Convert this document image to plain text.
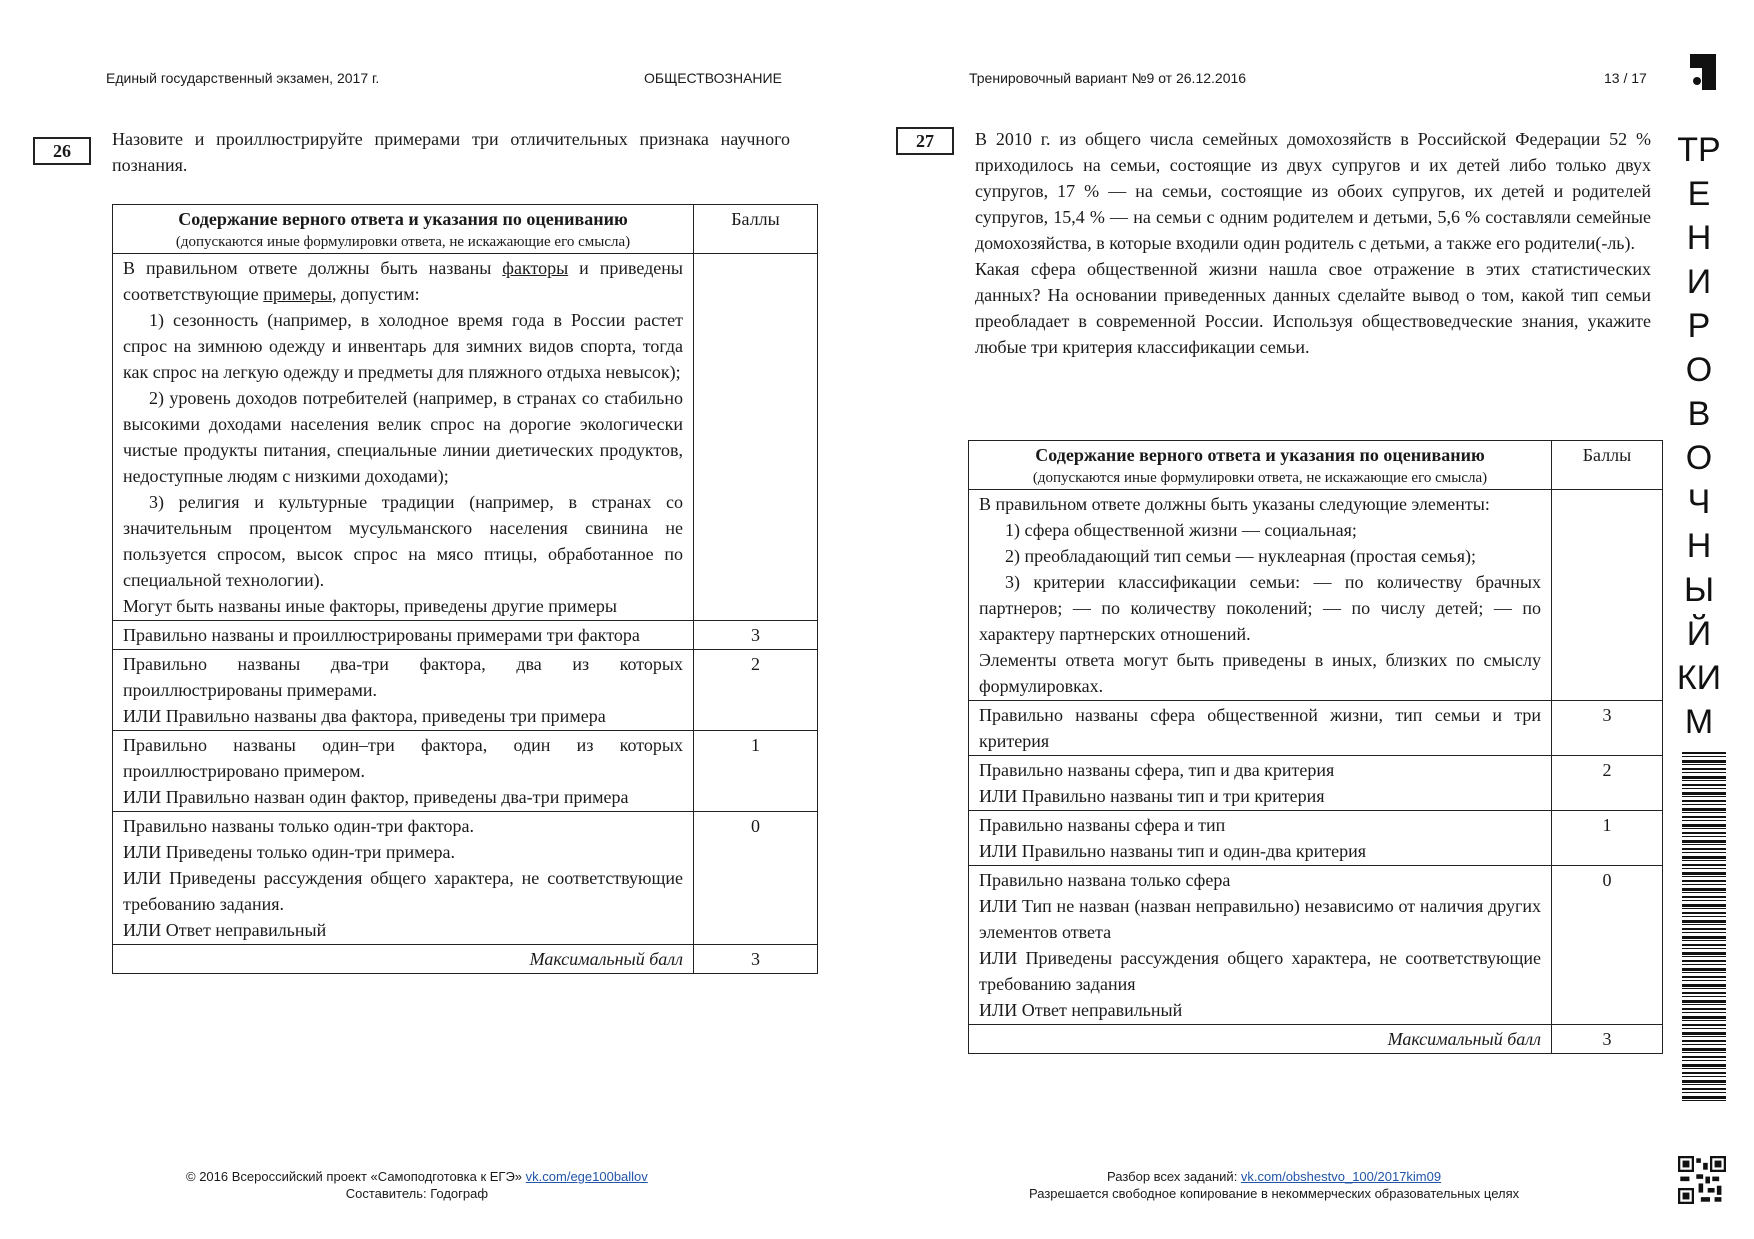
Единый государственный экзамен, 2017 г.	ОБЩЕСТВОЗНАНИЕ	Тренировочный вариант №9 от 26.12.2016	13 / 17
26
Назовите и проиллюстрируйте примерами три отличительных признака научного познания.
Содержание верного ответа и указания по оцениванию
(допускаются иные формулировки ответа, не искажающие его смысла)	Баллы

В правильном ответе должны быть названы факторы и приведены соответствующие примеры, допустим:
1) сезонность (например, в холодное время года в России растет спрос на зимнюю одежду и инвентарь для зимних видов спорта, тогда как спрос на легкую одежду и предметы для пляжного отдыха невысок);
2) уровень доходов потребителей (например, в странах со стабильно высокими доходами населения велик спрос на дорогие экологически чистые продукты питания, специальные линии диетических продуктов, недоступные людям с низкими доходами);
3) религия и культурные традиции (например, в странах со значительным процентом мусульманского населения свинина не пользуется спросом, высок спрос на мясо птицы, обработанное по специальной технологии).
Могут быть названы иные факторы, приведены другие примеры	

Правильно названы и проиллюстрированы примерами три фактора	3

Правильно названы два-три фактора, два из которых проиллюстрированы примерами.
ИЛИ Правильно названы два фактора, приведены три примера	2

Правильно названы один–три фактора, один из которых проиллюстрировано примером.
ИЛИ Правильно назван один фактор, приведены два-три примера	1

Правильно названы только один-три фактора.
ИЛИ Приведены только один-три примера.
ИЛИ Приведены рассуждения общего характера, не соответствующие требованию задания.
ИЛИ Ответ неправильный	0
Максимальный балл	3
27	В 2010 г. из общего числа семейных домохозяйств в Российской Федерации 52 % приходилось на семьи, состоящие из двух супругов и их детей либо только двух супругов, 17 % — на семьи, состоящие из обоих супругов, их детей и родителей супругов, 15,4 % — на семьи с одним родителем и детьми, 5,6 % составляли семейные домохозяйства, в которые входили один родитель с детьми, а также его родители(-ль).

Какая сфера общественной жизни нашла свое отражение в этих статистических данных? На основании приведенных данных сделайте вывод о том, какой тип семьи преобладает в современной России. Используя обществоведческие знания, укажите любые три критерия классификации семьи.

Содержание верного ответа и указания по оцениванию
(допускаются иные формулировки ответа, не искажающие его смысла)	Баллы

В правильном ответе должны быть указаны следующие элементы:
1) сфера общественной жизни — социальная;
2) преобладающий тип семьи — нуклеарная (простая семья);
3) критерии классификации семьи: — по количеству брачных партнеров; — по количеству поколений; — по числу детей; — по характеру партнерских отношений.
Элементы ответа могут быть приведены в иных, близких по смыслу формулировках.	

Правильно названы сфера общественной жизни, тип семьи и три критерия	3

Правильно названы сфера, тип и два критерия
ИЛИ Правильно названы тип и три критерия	2

Правильно названы сфера и тип
ИЛИ Правильно названы тип и один-два критерия	1

Правильно названа только сфера
ИЛИ Тип не назван (назван неправильно) независимо от наличия других элементов ответа
ИЛИ Приведены рассуждения общего характера, не соответствующие требованию задания
ИЛИ Ответ неправильный	0
Максимальный балл	3
ТР
Е
Н
И
Р
О
В
О
Ч
Н
Ы
Й
КИ
М
© 2016 Всероссийский проект «Самоподготовка к ЕГЭ» vk.com/ege100ballov
Составитель: Годограф
Разбор всех заданий: vk.com/obshestvo_100/2017kim09
Разрешается свободное копирование в некоммерческих образовательных целях
